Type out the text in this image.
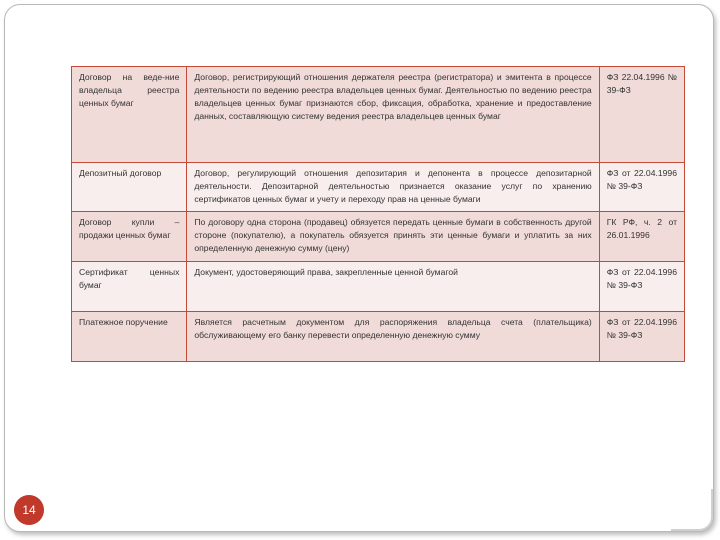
Договор на веде-ние владельца реестра ценных бумаг	Договор, регистрирующий отношения держателя реестра (регистратора) и эмитента в процессе деятельности по ведению реестра владельцев ценных бумаг. Деятельностью по ведению реестра владельцев ценных бумаг признаются сбор, фиксация, обработка, хранение и предоставление данных, составляющую систему ведения реестра владельцев ценных бумаг	ФЗ 22.04.1996 № 39-ФЗ
Депозитный договор	Договор, регулирующий отношения депозитария и депонента в процессе депозитарной деятельности. Депозитарной деятельностью признается оказание услуг по хранению сертификатов ценных бумаг и учету и переходу прав на ценные бумаги	ФЗ от 22.04.1996 № 39-ФЗ
Договор купли – продажи ценных бумаг	По договору одна сторона (продавец) обязуется передать ценные бумаги в собственность другой стороне (покупателю), а покупатель обязуется принять эти ценные бумаги и уплатить за них определенную денежную сумму (цену)	ГК РФ, ч. 2 от 26.01.1996
Сертификат ценных бумаг	Документ, удостоверяющий права, закрепленные ценной бумагой	ФЗ от 22.04.1996 № 39-ФЗ
Платежное поручение	Является расчетным документом для распоряжения владельца счета (плательщика) обслуживающему его банку перевести определенную денежную сумму	ФЗ от 22.04.1996 № 39-ФЗ
14
